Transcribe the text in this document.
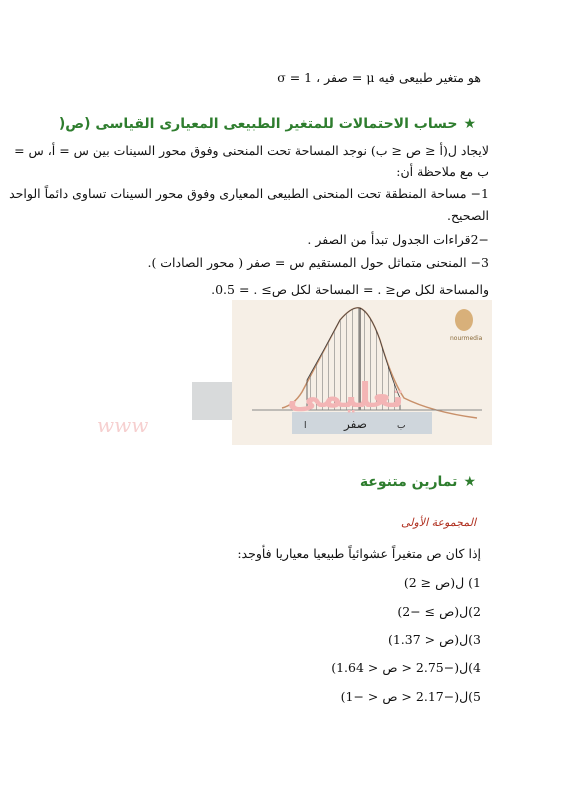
هو متغير طبيعى فيه μ = صفر ، σ = 1
★حساب الاحتمالات للمتغير الطبيعى المعيارى القياسى (ص(
لايجاد ل(أ ≤ ص ≤ ب) نوجد المساحة تحت المنحنى وفوق محور السينات بين س = أ، س =
ب مع ملاحظة أن:
1− مساحة المنطقة تحت المنحنى الطبيعى المعيارى وفوق محور السينات تساوى دائماً الواحد
الصحيح.
−2قراءات الجدول تبدأ من الصفر .
3− المنحنى متماثل حول المستقيم س = صفر ( محور الصادات ).
والمساحة لكل ص≤ . = المساحة لكل ص≥ . = 0.5.
ب
صفر
ا
nourmedia
تعليمى
www
★تمارين متنوعة
المجموعة الأولى
إذا كان ص متغيراً عشوائياً طبيعيا معياريا فأوجد:
1) ل(ص ≤ 2)
2)ل(ص ≥ −2)
3)ل(ص < 1.37)
4)ل(−2.75 < ص < 1.64)
5)ل(−2.17 < ص < −1)
